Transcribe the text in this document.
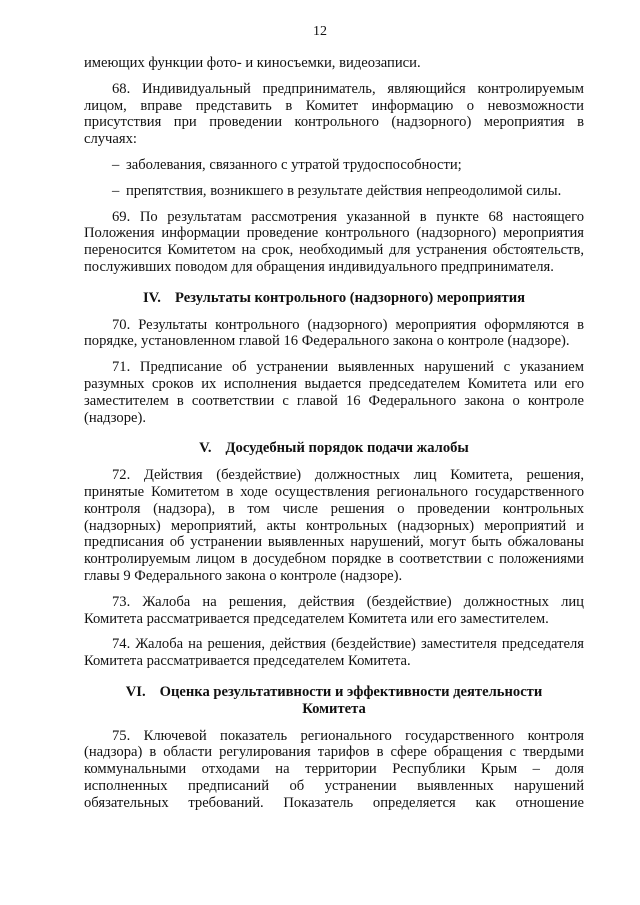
12

имеющих функции фото- и киносъемки, видеозаписи.

68. Индивидуальный предприниматель, являющийся контролируемым лицом, вправе представить в Комитет информацию о невозможности присутствия при проведении контрольного (надзорного) мероприятия в случаях:

– заболевания, связанного с утратой трудоспособности;

– препятствия, возникшего в результате действия непреодолимой силы.

69. По результатам рассмотрения указанной в пункте 68 настоящего Положения информации проведение контрольного (надзорного) мероприятия переносится Комитетом на срок, необходимый для устранения обстоятельств, послуживших поводом для обращения индивидуального предпринимателя.

IV. Результаты контрольного (надзорного) мероприятия

70. Результаты контрольного (надзорного) мероприятия оформляются в порядке, установленном главой 16 Федерального закона о контроле (надзоре).

71. Предписание об устранении выявленных нарушений с указанием разумных сроков их исполнения выдается председателем Комитета или его заместителем в соответствии с главой 16 Федерального закона о контроле (надзоре).

V. Досудебный порядок подачи жалобы

72. Действия (бездействие) должностных лиц Комитета, решения, принятые Комитетом в ходе осуществления регионального государственного контроля (надзора), в том числе решения о проведении контрольных (надзорных) мероприятий, акты контрольных (надзорных) мероприятий и предписания об устранении выявленных нарушений, могут быть обжалованы контролируемым лицом в досудебном порядке в соответствии с положениями главы 9 Федерального закона о контроле (надзоре).

73. Жалоба на решения, действия (бездействие) должностных лиц Комитета рассматривается председателем Комитета или его заместителем.

74. Жалоба на решения, действия (бездействие) заместителя председателя Комитета рассматривается председателем Комитета.

VI. Оценка результативности и эффективности деятельности
Комитета

75. Ключевой показатель регионального государственного контроля (надзора) в области регулирования тарифов в сфере обращения с твердыми коммунальными отходами на территории Республики Крым – доля исполненных предписаний об устранении выявленных нарушений обязательных требований. Показатель определяется как отношение
